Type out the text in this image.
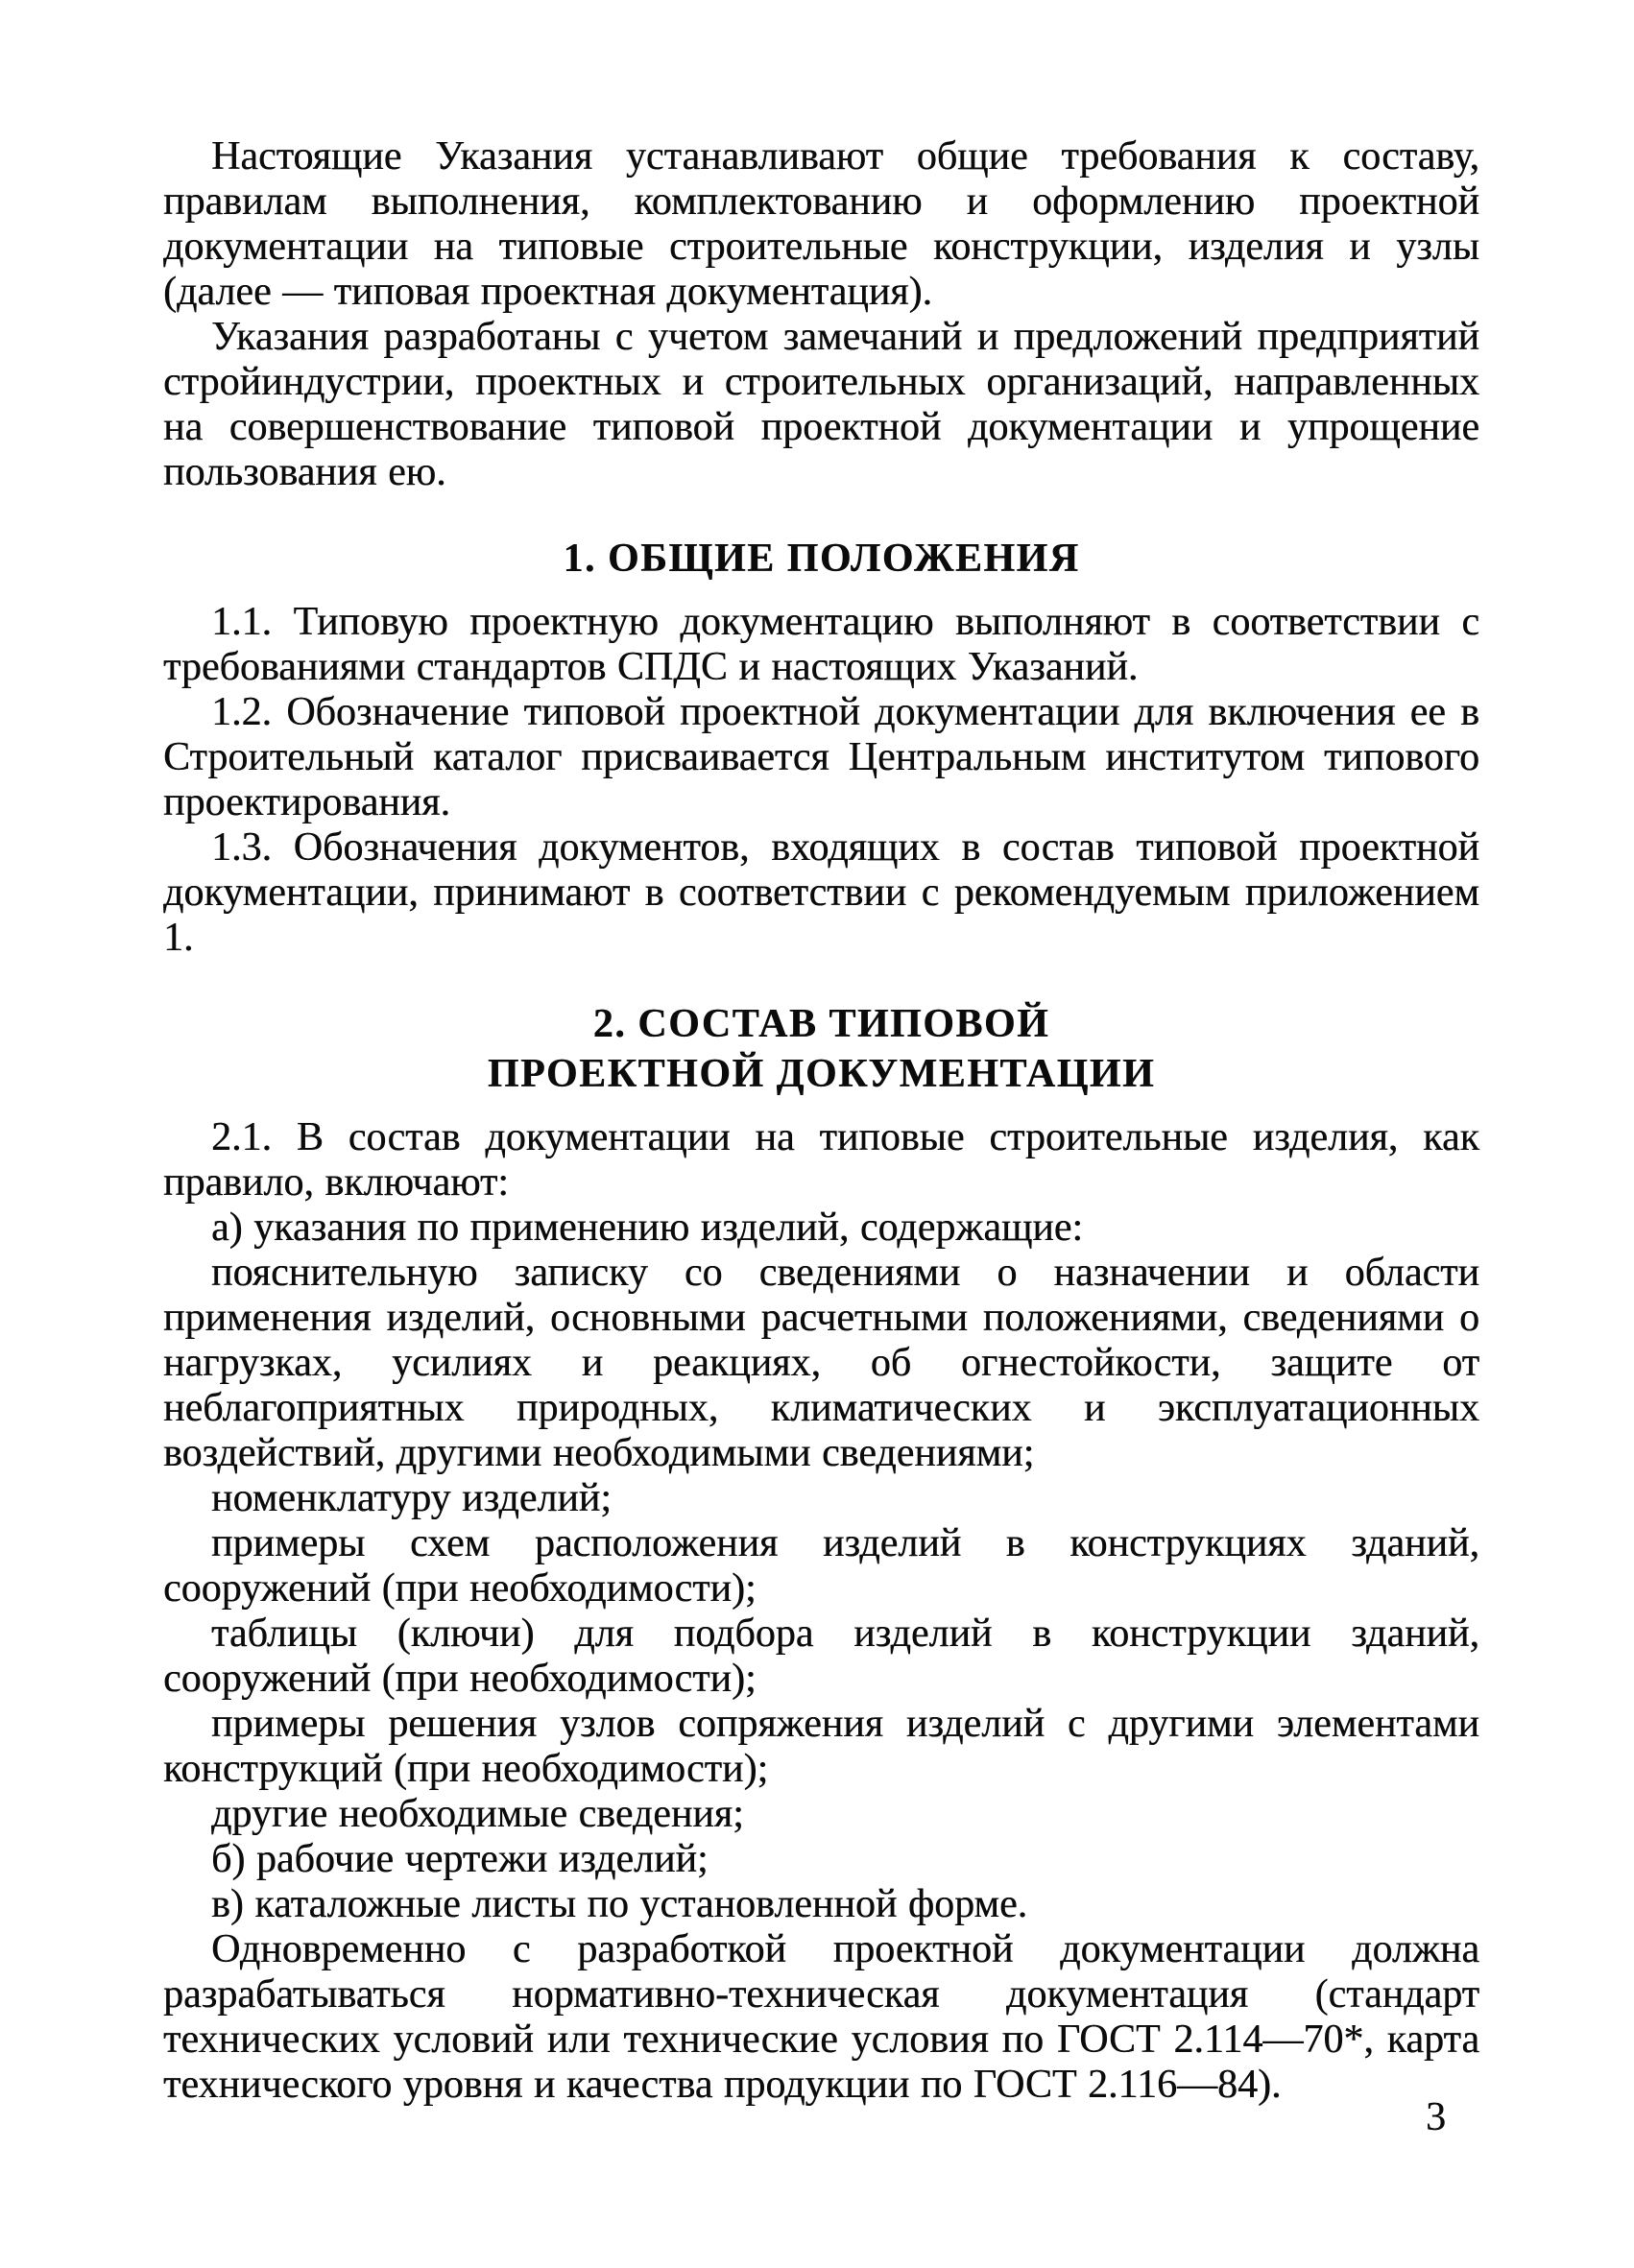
Настоящие Указания устанавливают общие требования к составу, правилам выполнения, комплектованию и оформлению проектной документации на типовые строительные конструкции, изделия и узлы (далее — типовая проектная документация).

Указания разработаны с учетом замечаний и предложений предприятий стройиндустрии, проектных и строительных организаций, направленных на совершенствование типовой проектной документации и упрощение пользования ею.

1. ОБЩИЕ ПОЛОЖЕНИЯ

1.1. Типовую проектную документацию выполняют в соответствии с требованиями стандартов СПДС и настоящих Указаний.

1.2. Обозначение типовой проектной документации для включения ее в Строительный каталог присваивается Центральным институтом типового проектирования.

1.3. Обозначения документов, входящих в состав типовой проектной документации, принимают в соответствии с рекомендуемым приложением 1.

2. СОСТАВ ТИПОВОЙ
ПРОЕКТНОЙ ДОКУМЕНТАЦИИ

2.1. В состав документации на типовые строительные изделия, как правило, включают:

а) указания по применению изделий, содержащие:

пояснительную записку со сведениями о назначении и области применения изделий, основными расчетными положениями, сведениями о нагрузках, усилиях и реакциях, об огнестойкости, защите от неблагоприятных природных, климатических и эксплуатационных воздействий, другими необходимыми сведениями;

номенклатуру изделий;

примеры схем расположения изделий в конструкциях зданий, сооружений (при необходимости);

таблицы (ключи) для подбора изделий в конструкции зданий, сооружений (при необходимости);

примеры решения узлов сопряжения изделий с другими элементами конструкций (при необходимости);

другие необходимые сведения;

б) рабочие чертежи изделий;

в) каталожные листы по установленной форме.

Одновременно с разработкой проектной документации должна разрабатываться нормативно-техническая документация (стандарт технических условий или технические условия по ГОСТ 2.114—70*, карта технического уровня и качества продукции по ГОСТ 2.116—84).

3
